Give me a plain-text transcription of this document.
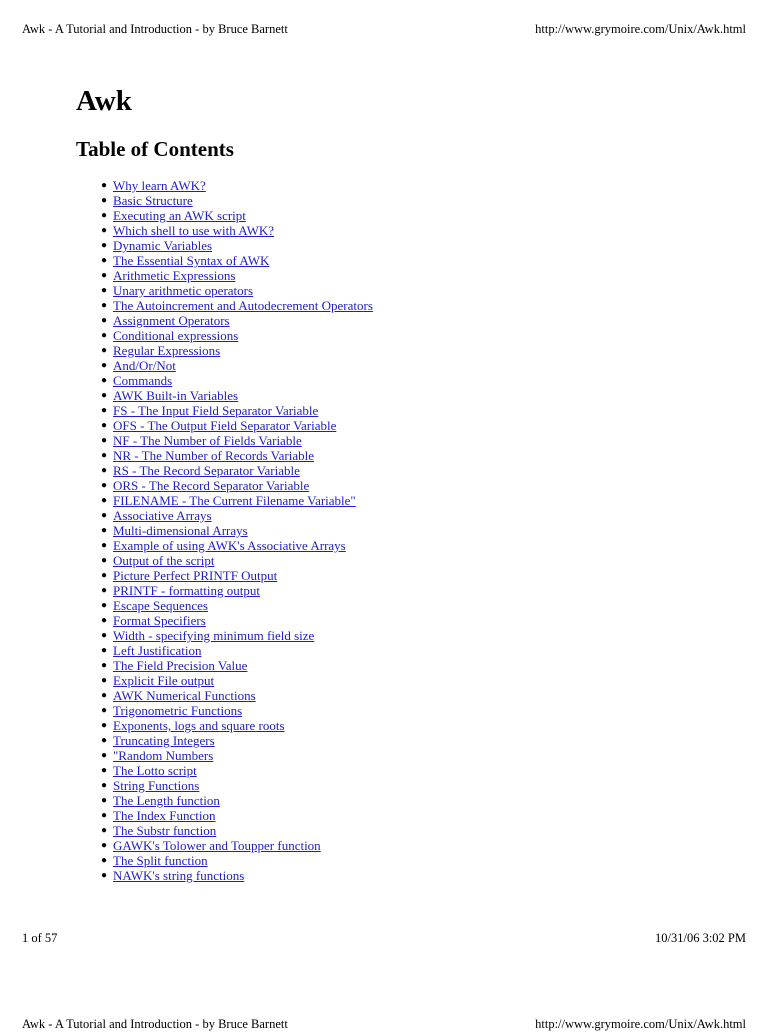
Awk - A Tutorial and Introduction - by Bruce Barnett	http://www.grymoire.com/Unix/Awk.html
Awk
Table of Contents
● Why learn AWK?
● Basic Structure
● Executing an AWK script
● Which shell to use with AWK?
● Dynamic Variables
● The Essential Syntax of AWK
● Arithmetic Expressions
● Unary arithmetic operators
● The Autoincrement and Autodecrement Operators
● Assignment Operators
● Conditional expressions
● Regular Expressions
● And/Or/Not
● Commands
● AWK Built-in Variables
● FS - The Input Field Separator Variable
● OFS - The Output Field Separator Variable
● NF - The Number of Fields Variable
● NR - The Number of Records Variable
● RS - The Record Separator Variable
● ORS - The Record Separator Variable
● FILENAME - The Current Filename Variable"
● Associative Arrays
● Multi-dimensional Arrays
● Example of using AWK's Associative Arrays
● Output of the script
● Picture Perfect PRINTF Output
● PRINTF - formatting output
● Escape Sequences
● Format Specifiers
● Width - specifying minimum field size
● Left Justification
● The Field Precision Value
● Explicit File output
● AWK Numerical Functions
● Trigonometric Functions
● Exponents, logs and square roots
● Truncating Integers
● "Random Numbers
● The Lotto script
● String Functions
● The Length function
● The Index Function
● The Substr function
● GAWK's Tolower and Toupper function
● The Split function
● NAWK's string functions
1 of 57	10/31/06 3:02 PM
Awk - A Tutorial and Introduction - by Bruce Barnett	http://www.grymoire.com/Unix/Awk.html
